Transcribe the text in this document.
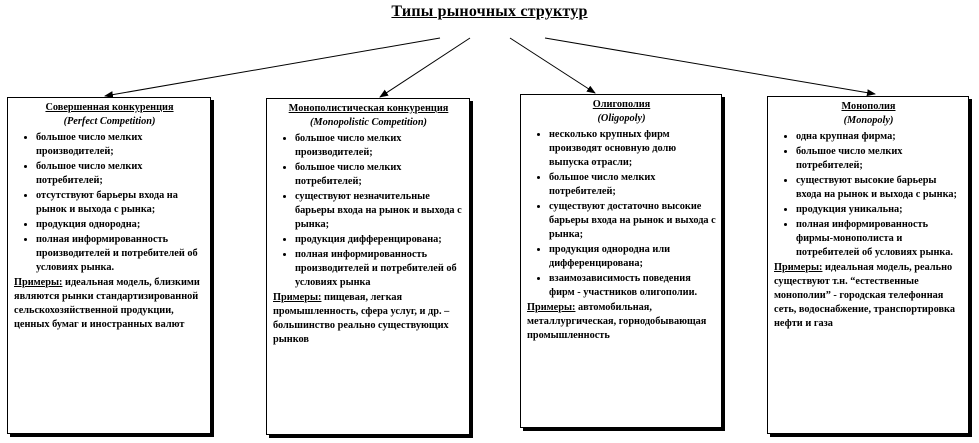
Типы рыночных структур
Совершенная конкуренция
(Perfect Competition)
• большое число мелких производителей;
• большое число мелких потребителей;
• отсутствуют барьеры входа на рынок и выхода с рынка;
• продукция однородна;
• полная информированность производителей и потребителей об условиях рынка.
Примеры: идеальная модель, близкими являются рынки стандартизированной сельскохозяйственной продукции, ценных бумаг и иностранных валют
Монополистическая конкуренция
(Monopolistic Competition)
• большое число мелких производителей;
• большое число мелких потребителей;
• существуют незначительные барьеры входа на рынок и выхода с рынка;
• продукция дифференцирована;
• полная информированность производителей и потребителей об условиях рынка
Примеры: пищевая, легкая промышленность, сфера услуг, и др. – большинство реально существующих рынков
Олигополия
(Oligopoly)
• несколько крупных фирм производят основную долю выпуска отрасли;
• большое число мелких потребителей;
• существуют достаточно высокие барьеры входа на рынок и выхода с рынка;
• продукция однородна или дифференцирована;
• взаимозависимость поведения фирм - участников олигополии.
Примеры: автомобильная, металлургическая, горнодобывающая промышленность
Монополия
(Monopoly)
• одна крупная фирма;
• большое число мелких потребителей;
• существуют высокие барьеры входа на рынок и выхода с рынка;
• продукция уникальна;
• полная информированность фирмы-монополиста и потребителей об условиях рынка.
Примеры: идеальная модель, реально существуют т.н. “естественные монополии” - городская телефонная сеть, водоснабжение, транспортировка нефти и газа
